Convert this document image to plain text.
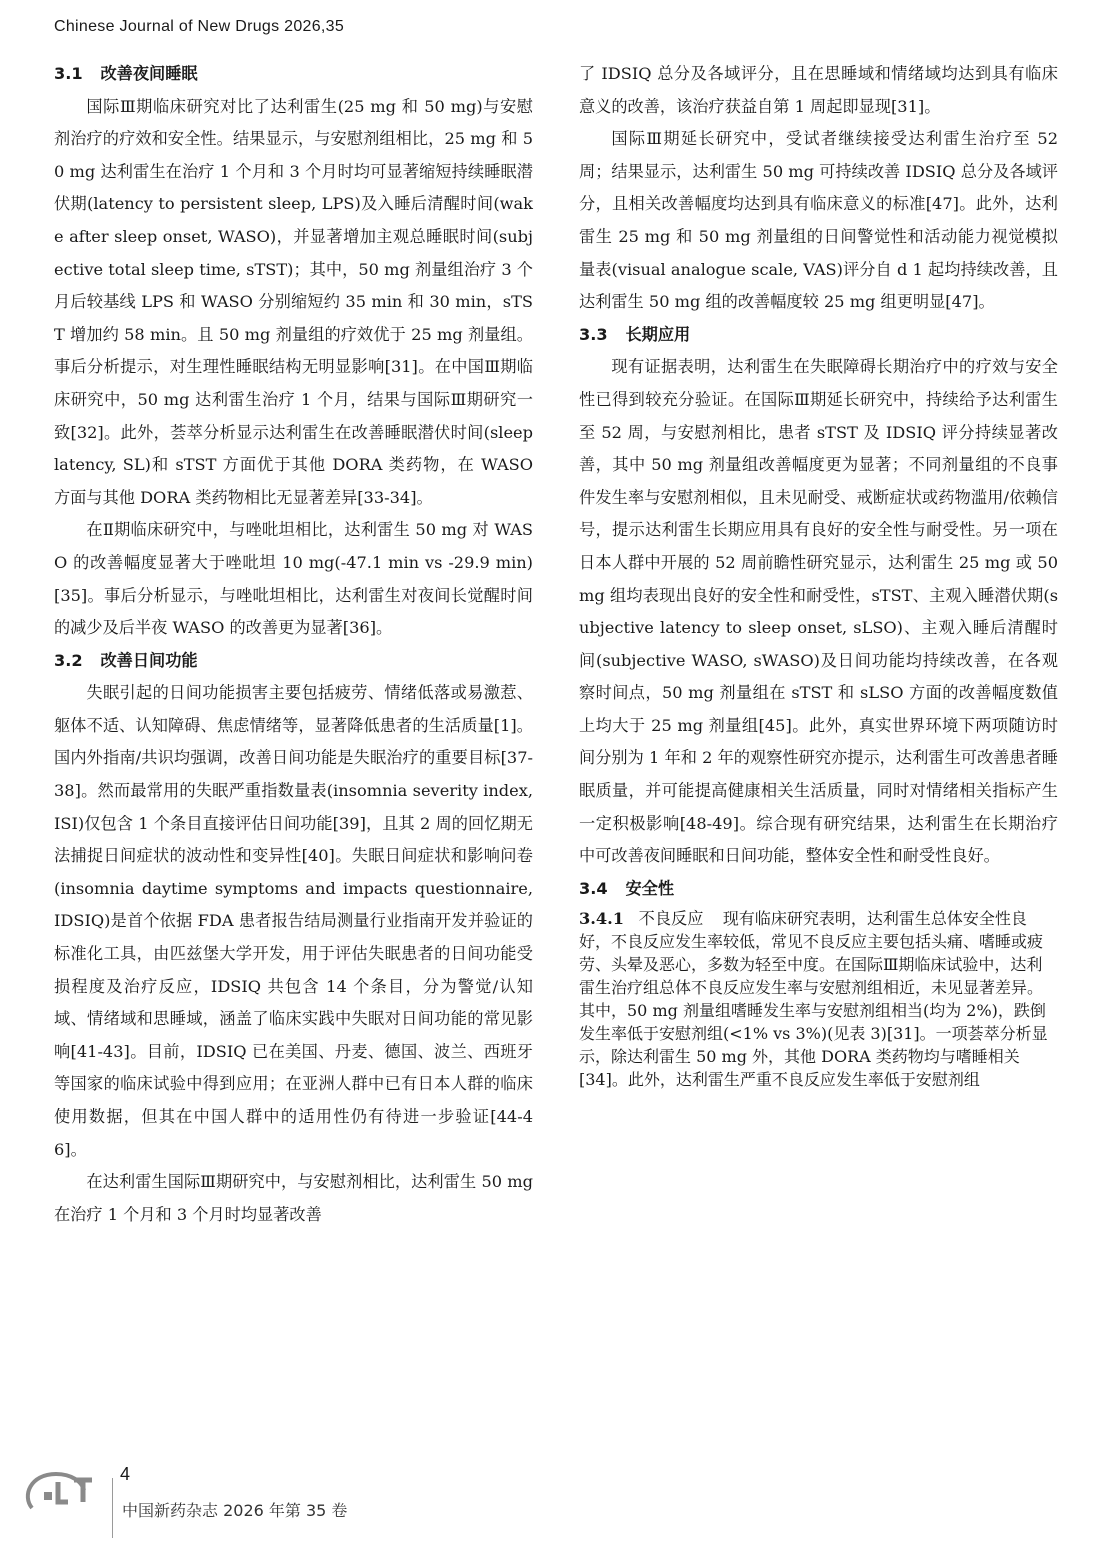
Chinese Journal of New Drugs 2026,35
3.1 改善夜间睡眠

国际Ⅲ期临床研究对比了达利雷生(25 mg 和 50 mg)与安慰剂治疗的疗效和安全性。结果显示，与安慰剂组相比，25 mg 和 50 mg 达利雷生在治疗 1 个月和 3 个月时均可显著缩短持续睡眠潜伏期(latency to persistent sleep, LPS)及入睡后清醒时间(wake after sleep onset, WASO)，并显著增加主观总睡眠时间(subjective total sleep time, sTST)；其中，50 mg 剂量组治疗 3 个月后较基线 LPS 和 WASO 分别缩短约 35 min 和 30 min，sTST 增加约 58 min。且 50 mg 剂量组的疗效优于 25 mg 剂量组。事后分析提示，对生理性睡眠结构无明显影响[31]。在中国Ⅲ期临床研究中，50 mg 达利雷生治疗 1 个月，结果与国际Ⅲ期研究一致[32]。此外，荟萃分析显示达利雷生在改善睡眠潜伏时间(sleep latency, SL)和 sTST 方面优于其他 DORA 类药物，在 WASO 方面与其他 DORA 类药物相比无显著差异[33-34]。

在Ⅱ期临床研究中，与唑吡坦相比，达利雷生 50 mg 对 WASO 的改善幅度显著大于唑吡坦 10 mg(-47.1 min vs -29.9 min)[35]。事后分析显示，与唑吡坦相比，达利雷生对夜间长觉醒时间的减少及后半夜 WASO 的改善更为显著[36]。

3.2 改善日间功能

失眠引起的日间功能损害主要包括疲劳、情绪低落或易激惹、躯体不适、认知障碍、焦虑情绪等，显著降低患者的生活质量[1]。国内外指南/共识均强调，改善日间功能是失眠治疗的重要目标[37-38]。然而最常用的失眠严重指数量表(insomnia severity index, ISI)仅包含 1 个条目直接评估日间功能[39]，且其 2 周的回忆期无法捕捉日间症状的波动性和变异性[40]。失眠日间症状和影响问卷(insomnia daytime symptoms and impacts questionnaire, IDSIQ)是首个依据 FDA 患者报告结局测量行业指南开发并验证的标准化工具，由匹兹堡大学开发，用于评估失眠患者的日间功能受损程度及治疗反应，IDSIQ 共包含 14 个条目，分为警觉/认知域、情绪域和思睡域，涵盖了临床实践中失眠对日间功能的常见影响[41-43]。目前，IDSIQ 已在美国、丹麦、德国、波兰、西班牙等国家的临床试验中得到应用；在亚洲人群中已有日本人群的临床使用数据，但其在中国人群中的适用性仍有待进一步验证[44-46]。

在达利雷生国际Ⅲ期研究中，与安慰剂相比，达利雷生 50 mg 在治疗 1 个月和 3 个月时均显著改善

了 IDSIQ 总分及各域评分，且在思睡域和情绪域均达到具有临床意义的改善，该治疗获益自第 1 周起即显现[31]。

国际Ⅲ期延长研究中，受试者继续接受达利雷生治疗至 52 周；结果显示，达利雷生 50 mg 可持续改善 IDSIQ 总分及各域评分，且相关改善幅度均达到具有临床意义的标准[47]。此外，达利雷生 25 mg 和 50 mg 剂量组的日间警觉性和活动能力视觉模拟量表(visual analogue scale, VAS)评分自 d 1 起均持续改善，且达利雷生 50 mg 组的改善幅度较 25 mg 组更明显[47]。

3.3 长期应用

现有证据表明，达利雷生在失眠障碍长期治疗中的疗效与安全性已得到较充分验证。在国际Ⅲ期延长研究中，持续给予达利雷生至 52 周，与安慰剂相比，患者 sTST 及 IDSIQ 评分持续显著改善，其中 50 mg 剂量组改善幅度更为显著；不同剂量组的不良事件发生率与安慰剂相似，且未见耐受、戒断症状或药物滥用/依赖信号，提示达利雷生长期应用具有良好的安全性与耐受性。另一项在日本人群中开展的 52 周前瞻性研究显示，达利雷生 25 mg 或 50 mg 组均表现出良好的安全性和耐受性，sTST、主观入睡潜伏期(subjective latency to sleep onset, sLSO)、主观入睡后清醒时间(subjective WASO, sWASO)及日间功能均持续改善，在各观察时间点，50 mg 剂量组在 sTST 和 sLSO 方面的改善幅度数值上均大于 25 mg 剂量组[45]。此外，真实世界环境下两项随访时间分别为 1 年和 2 年的观察性研究亦提示，达利雷生可改善患者睡眠质量，并可能提高健康相关生活质量，同时对情绪相关指标产生一定积极影响[48-49]。综合现有研究结果，达利雷生在长期治疗中可改善夜间睡眠和日间功能，整体安全性和耐受性良好。

3.4 安全性

3.4.1 不良反应 现有临床研究表明，达利雷生总体安全性良好，不良反应发生率较低，常见不良反应主要包括头痛、嗜睡或疲劳、头晕及恶心，多数为轻至中度。在国际Ⅲ期临床试验中，达利雷生治疗组总体不良反应发生率与安慰剂组相近，未见显著差异。其中，50 mg 剂量组嗜睡发生率与安慰剂组相当(均为 2%)，跌倒发生率低于安慰剂组(<1% vs 3%)(见表 3)[31]。一项荟萃分析显示，除达利雷生 50 mg 外，其他 DORA 类药物均与嗜睡相关[34]。此外，达利雷生严重不良反应发生率低于安慰剂组

4
中国新药杂志 2026 年第 35 卷
